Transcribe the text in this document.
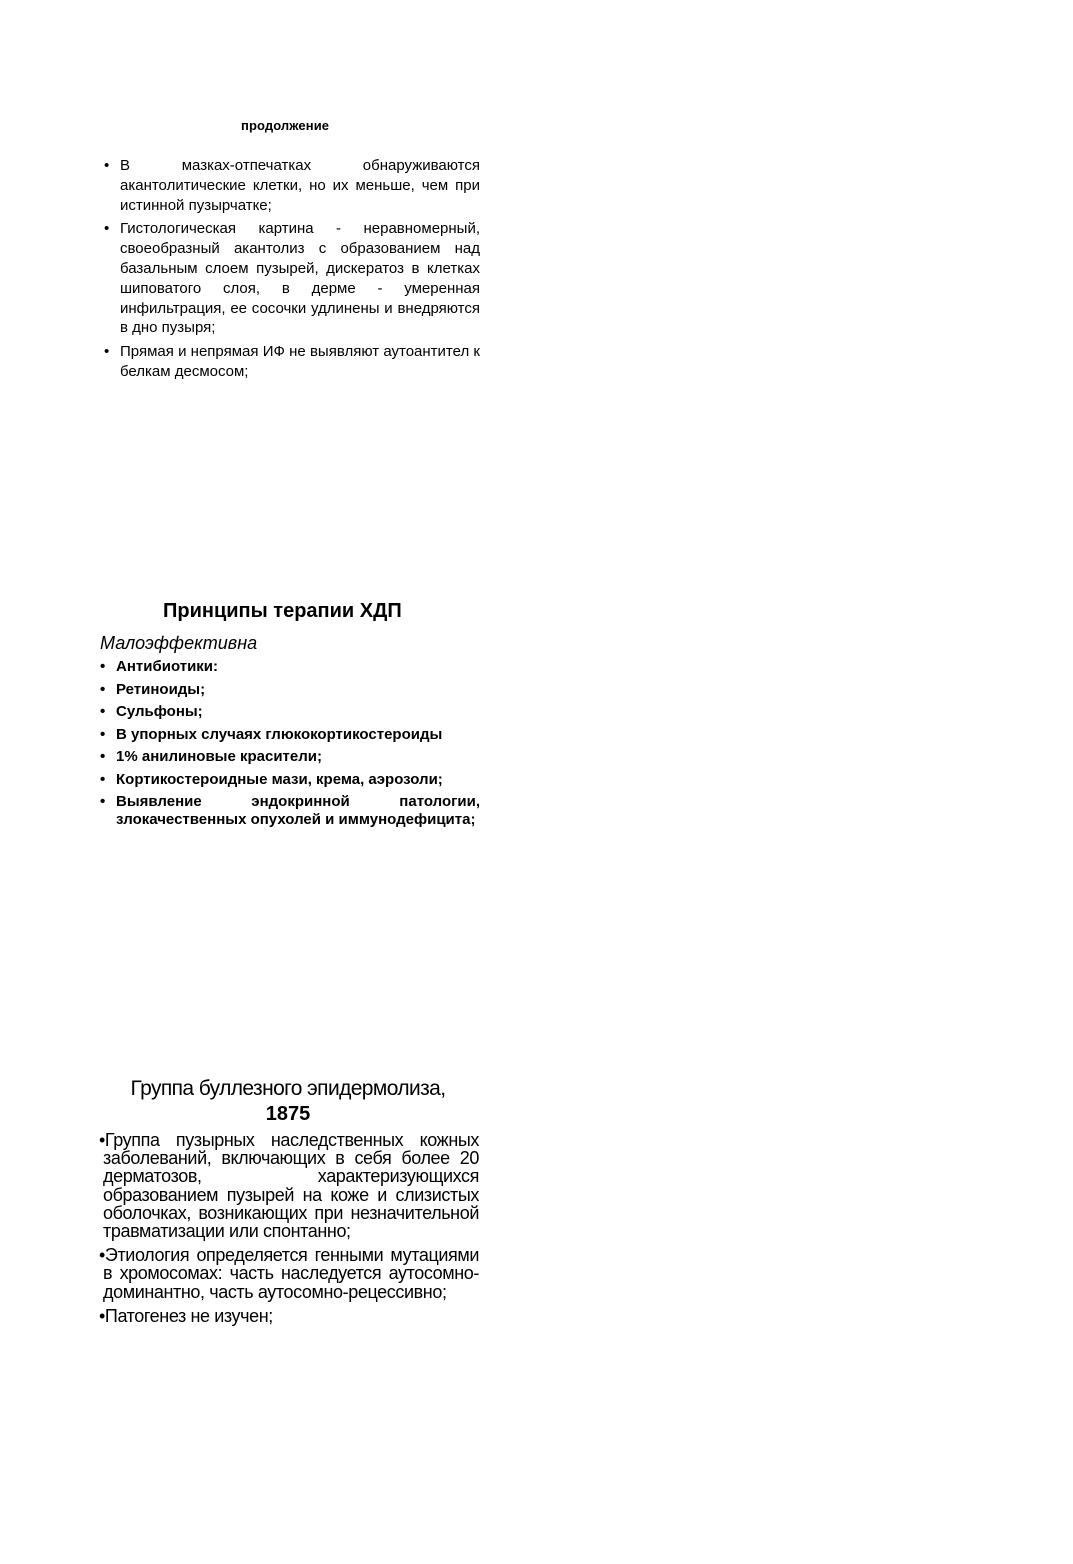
продолжение
• В мазках-отпечатках обнаруживаются акантолитические клетки, но их меньше, чем при истинной пузырчатке;
• Гистологическая картина - неравномерный, своеобразный акантолиз с образованием над базальным слоем пузырей, дискератоз в клетках шиповатого слоя, в дерме - умеренная инфильтрация, ее сосочки удлинены и внедряются в дно пузыря;
• Прямая и непрямая ИФ не выявляют аутоантител к белкам десмосом;
Принципы терапии ХДП
Малоэффективна
• Антибиотики:
• Ретиноиды;
• Сульфоны;
• В упорных случаях глюкокортикостероиды
• 1% анилиновые красители;
• Кортикостероидные мази, крема, аэрозоли;
• Выявление эндокринной патологии, злокачественных опухолей и иммунодефицита;
Группа буллезного эпидермолиза,
1875
•Группа пузырных наследственных кожных заболеваний, включающих в себя более 20 дерматозов, характеризующихся образованием пузырей на коже и слизистых оболочках, возникающих при незначительной травматизации или спонтанно;
•Этиология определяется генными мутациями в хромосомах: часть наследуется аутосомно-доминантно, часть аутосомно-рецессивно;
•Патогенез не изучен;
